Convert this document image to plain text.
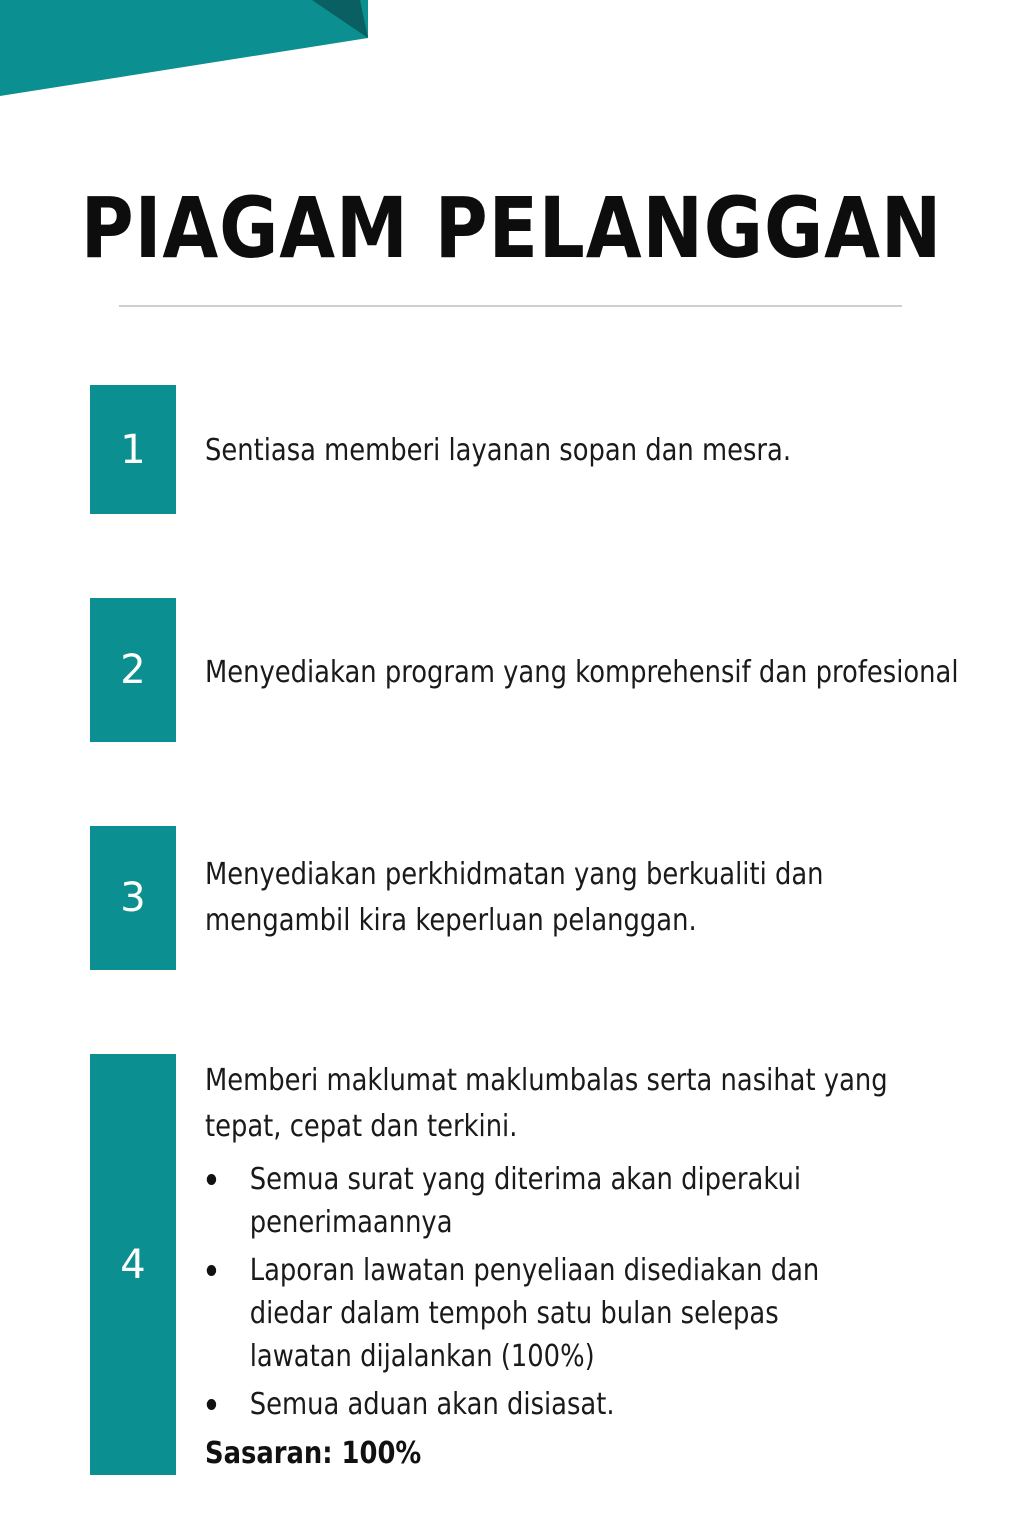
PIAGAM PELANGGAN
1	Sentiasa memberi layanan sopan dan mesra.

2	Menyediakan program yang komprehensif dan profesional

3

Menyediakan perkhidmatan yang berkualiti dan mengambil kira keperluan pelanggan.

4

Memberi maklumat maklumbalas serta nasihat yang tepat, cepat dan terkini.

Semua surat yang diterima akan diperakui penerimaannya
Laporan lawatan penyeliaan disediakan dan diedar dalam tempoh satu bulan selepas lawatan dijalankan (100%)
Semua aduan akan disiasat.

Sasaran: 100%
